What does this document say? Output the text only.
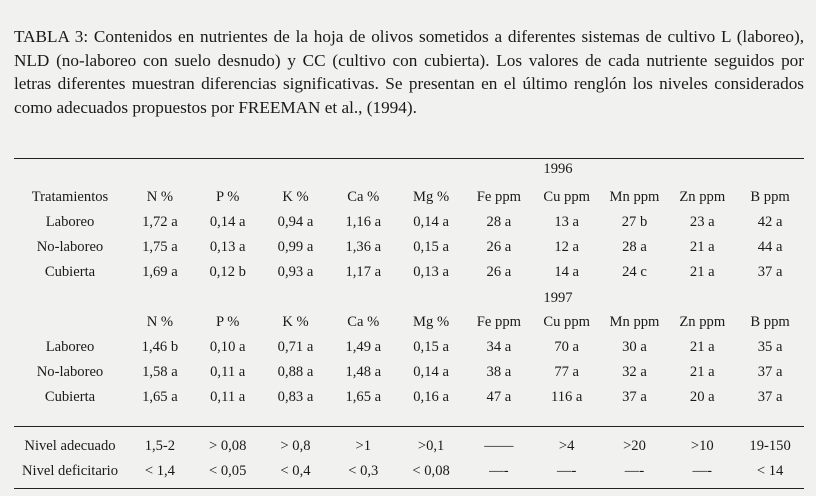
TABLA 3: Contenidos en nutrientes de la hoja de olivos sometidos a diferentes sistemas de cultivo L (laboreo), NLD (no-laboreo con suelo desnudo) y CC (cultivo con cubierta). Los valores de cada nutriente seguidos por letras diferentes muestran diferencias significativas. Se presentan en el último renglón los niveles considerados como adecuados propuestos por FREEMAN et al., (1994).

1996
Tratamientos	N %	P %	K %	Ca %	Mg %	Fe ppm	Cu ppm	Mn ppm	Zn ppm	B ppm
Laboreo	1,72 a	0,14 a	0,94 a	1,16 a	0,14 a	28 a	13 a	27 b	23 a	42 a
No-laboreo	1,75 a	0,13 a	0,99 a	1,36 a	0,15 a	26 a	12 a	28 a	21 a	44 a
Cubierta	1,69 a	0,12 b	0,93 a	1,17 a	0,13 a	26 a	14 a	24 c	21 a	37 a
1997
	N %	P %	K %	Ca %	Mg %	Fe ppm	Cu ppm	Mn ppm	Zn ppm	B ppm
Laboreo	1,46 b	0,10 a	0,71 a	1,49 a	0,15 a	34 a	70 a	30 a	21 a	35 a
No-laboreo	1,58 a	0,11 a	0,88 a	1,48 a	0,14 a	38 a	77 a	32 a	21 a	37 a
Cubierta	1,65 a	0,11 a	0,83 a	1,65 a	0,16 a	47 a	116 a	37 a	20 a	37 a
Nivel adecuado	1,5-2	> 0,08	> 0,8	>1	>0,1	——	>4	>20	>10	19-150
Nivel deficitario	< 1,4	< 0,05	< 0,4	< 0,3	< 0,08	—-	—-	—-	—-	< 14
